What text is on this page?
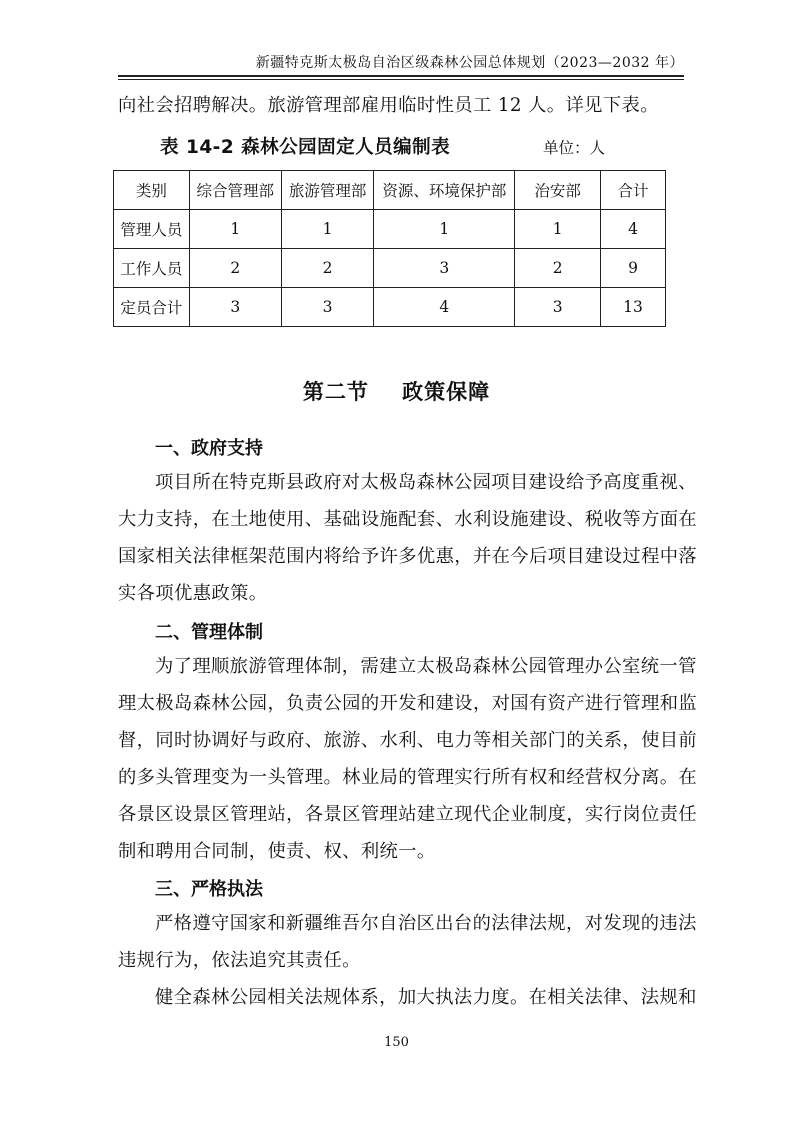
新疆特克斯太极岛自治区级森林公园总体规划（2023—2032 年）
向社会招聘解决。旅游管理部雇用临时性员工 12 人。详见下表。
表 14-2 森林公园固定人员编制表	单位：人
类别	综合管理部	旅游管理部	资源、环境保护部	治安部	合计
管理人员	1	1	1	1	4
工作人员	2	2	3	2	9
定员合计	3	3	4	3	13
第二节    政策保障
一、政府支持
项目所在特克斯县政府对太极岛森林公园项目建设给予高度重视、
大力支持，在土地使用、基础设施配套、水利设施建设、税收等方面在
国家相关法律框架范围内将给予许多优惠，并在今后项目建设过程中落
实各项优惠政策。
二、管理体制
为了理顺旅游管理体制，需建立太极岛森林公园管理办公室统一管
理太极岛森林公园，负责公园的开发和建设，对国有资产进行管理和监
督，同时协调好与政府、旅游、水利、电力等相关部门的关系，使目前
的多头管理变为一头管理。林业局的管理实行所有权和经营权分离。在
各景区设景区管理站，各景区管理站建立现代企业制度，实行岗位责任
制和聘用合同制，使责、权、利统一。
三、严格执法
严格遵守国家和新疆维吾尔自治区出台的法律法规，对发现的违法
违规行为，依法追究其责任。
健全森林公园相关法规体系，加大执法力度。在相关法律、法规和
150
